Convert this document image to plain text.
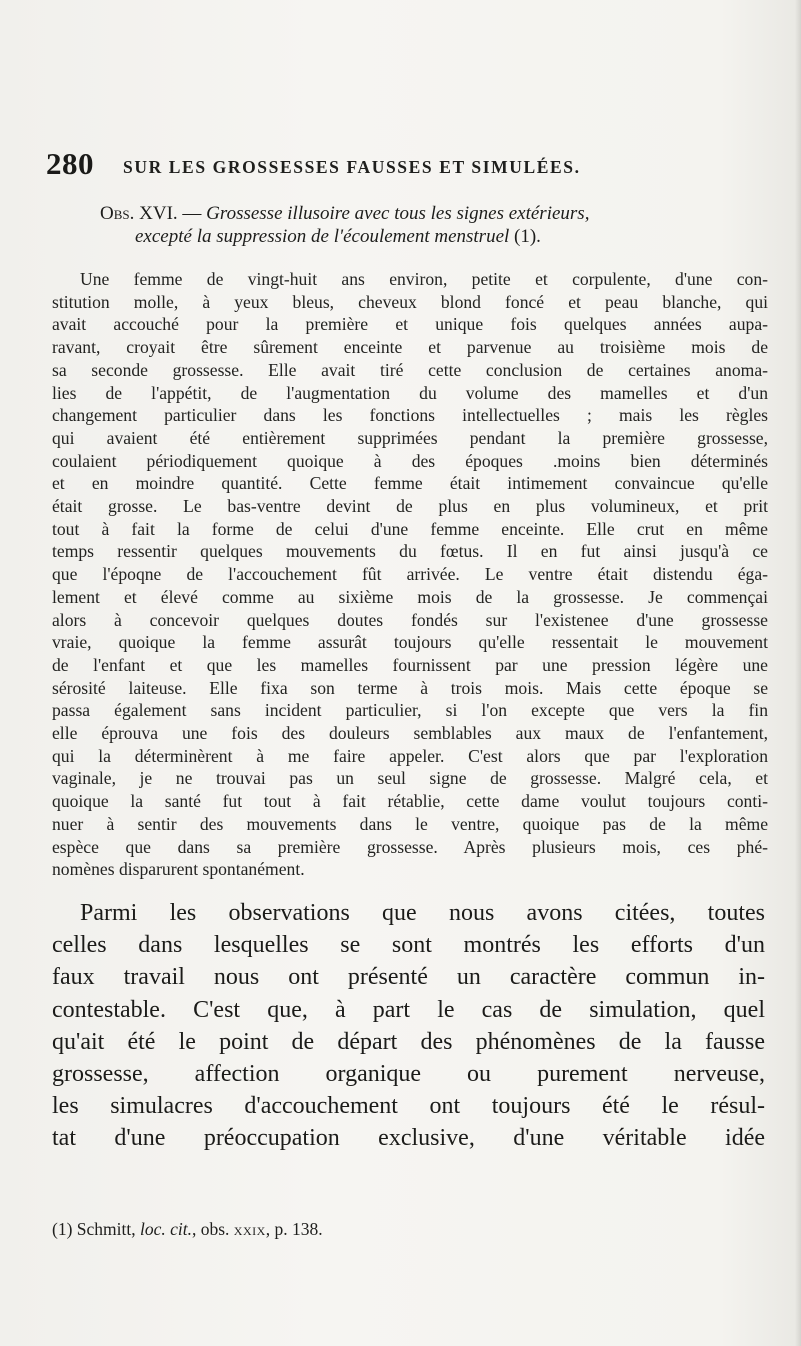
280 SUR LES GROSSESSES FAUSSES ET SIMULÉES.
Obs. XVI. — Grossesse illusoire avec tous les signes extérieurs,
excepté la suppression de l'écoulement menstruel (1).
Une femme de vingt-huit ans environ, petite et corpulente, d'une con-
stitution molle, à yeux bleus, cheveux blond foncé et peau blanche, qui
avait accouché pour la première et unique fois quelques années aupa-
ravant, croyait être sûrement enceinte et parvenue au troisième mois de
sa seconde grossesse. Elle avait tiré cette conclusion de certaines anoma-
lies de l'appétit, de l'augmentation du volume des mamelles et d'un
changement particulier dans les fonctions intellectuelles ; mais les règles
qui avaient été entièrement supprimées pendant la première grossesse,
coulaient périodiquement quoique à des époques .moins bien déterminés
et en moindre quantité. Cette femme était intimement convaincue qu'elle
était grosse. Le bas-ventre devint de plus en plus volumineux, et prit
tout à fait la forme de celui d'une femme enceinte. Elle crut en même
temps ressentir quelques mouvements du fœtus. Il en fut ainsi jusqu'à ce
que l'époqne de l'accouchement fût arrivée. Le ventre était distendu éga-
lement et élevé comme au sixième mois de la grossesse. Je commençai
alors à concevoir quelques doutes fondés sur l'existenee d'une grossesse
vraie, quoique la femme assurât toujours qu'elle ressentait le mouvement
de l'enfant et que les mamelles fournissent par une pression légère une
sérosité laiteuse. Elle fixa son terme à trois mois. Mais cette époque se
passa également sans incident particulier, si l'on excepte que vers la fin
elle éprouva une fois des douleurs semblables aux maux de l'enfantement,
qui la déterminèrent à me faire appeler. C'est alors que par l'exploration
vaginale, je ne trouvai pas un seul signe de grossesse. Malgré cela, et
quoique la santé fut tout à fait rétablie, cette dame voulut toujours conti-
nuer à sentir des mouvements dans le ventre, quoique pas de la même
espèce que dans sa première grossesse. Après plusieurs mois, ces phé-
nomènes disparurent spontanément.
Parmi les observations que nous avons citées, toutes
celles dans lesquelles se sont montrés les efforts d'un
faux travail nous ont présenté un caractère commun in-
contestable. C'est que, à part le cas de simulation, quel
qu'ait été le point de départ des phénomènes de la fausse
grossesse, affection organique ou purement nerveuse,
les simulacres d'accouchement ont toujours été le résul-
tat d'une préoccupation exclusive, d'une véritable idée
(1) Schmitt, loc. cit., obs. xxix, p. 138.
